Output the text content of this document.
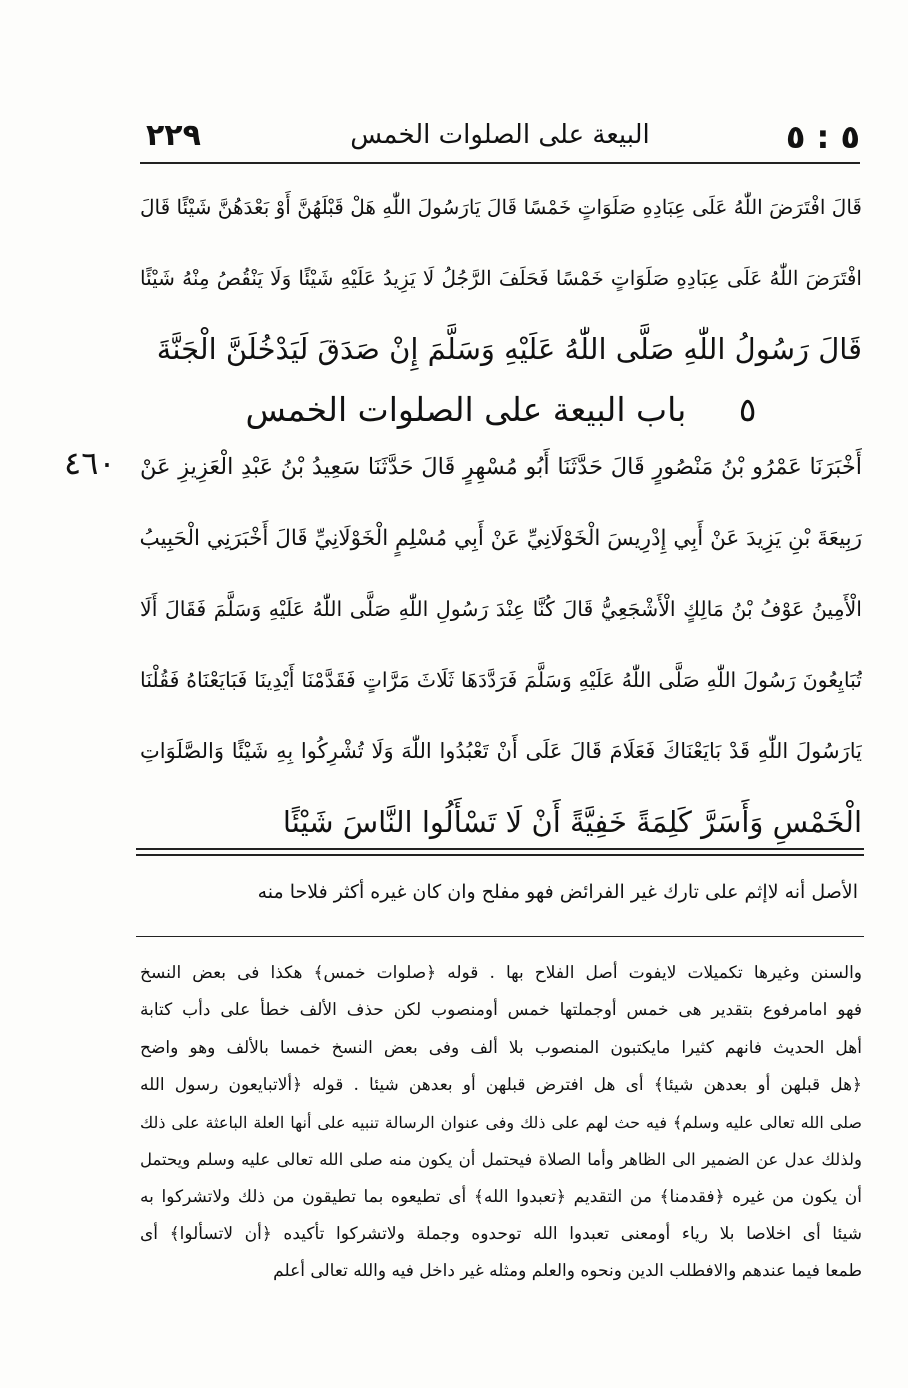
٢٢٩	البيعة على الصلوات الخمس	٥ : ٥
قَالَ افْتَرَضَ اللّٰهُ عَلَى عِبَادِهِ صَلَوَاتٍ خَمْسًا قَالَ يَارَسُولَ اللّٰهِ هَلْ قَبْلَهُنَّ أَوْ بَعْدَهُنَّ شَيْئًا قَالَ
افْتَرَضَ اللّٰهُ عَلَى عِبَادِهِ صَلَوَاتٍ خَمْسًا فَحَلَفَ الرَّجُلُ لَا يَزِيدُ عَلَيْهِ شَيْئًا وَلَا يَنْقُصُ مِنْهُ شَيْئًا
قَالَ رَسُولُ اللّٰهِ صَلَّى اللّٰهُ عَلَيْهِ وَسَلَّمَ إِنْ صَدَقَ لَيَدْخُلَنَّ الْجَنَّةَ
٥     باب البيعة على الصلوات الخمس
٤٦٠ أَخْبَرَنَا عَمْرُو بْنُ مَنْصُورٍ قَالَ حَدَّثَنَا أَبُو مُسْهِرٍ قَالَ حَدَّثَنَا سَعِيدُ بْنُ عَبْدِ الْعَزِيزِ عَنْ
رَبِيعَةَ بْنِ يَزِيدَ عَنْ أَبِي إِدْرِيسَ الْخَوْلَانِيِّ عَنْ أَبِي مُسْلِمٍ الْخَوْلَانِيِّ قَالَ أَخْبَرَنِي الْحَبِيبُ
الْأَمِينُ عَوْفُ بْنُ مَالِكٍ الْأَشْجَعِيُّ قَالَ كُنَّا عِنْدَ رَسُولِ اللّٰهِ صَلَّى اللّٰهُ عَلَيْهِ وَسَلَّمَ فَقَالَ أَلَا
تُبَايِعُونَ رَسُولَ اللّٰهِ صَلَّى اللّٰهُ عَلَيْهِ وَسَلَّمَ فَرَدَّدَهَا ثَلَاثَ مَرَّاتٍ فَقَدَّمْنَا أَيْدِينَا فَبَايَعْنَاهُ فَقُلْنَا
يَارَسُولَ اللّٰهِ قَدْ بَايَعْنَاكَ فَعَلَامَ قَالَ عَلَى أَنْ تَعْبُدُوا اللّٰهَ وَلَا تُشْرِكُوا بِهِ شَيْئًا وَالصَّلَوَاتِ
الْخَمْسِ وَأَسَرَّ كَلِمَةً خَفِيَّةً أَنْ لَا تَسْأَلُوا النَّاسَ شَيْئًا
الأصل أنه لاإثم على تارك غير الفرائض فهو مفلح وان كان غيره أكثر فلاحا منه
والسنن وغيرها تكميلات لايفوت أصل الفلاح بها . قوله ﴿صلوات خمس﴾ هكذا فى بعض النسخ
فهو امامرفوع بتقدير هى خمس أوجملتها خمس أومنصوب لكن حذف الألف خطأ على دأب كتابة
أهل الحديث فانهم كثيرا مايكتبون المنصوب بلا ألف وفى بعض النسخ خمسا بالألف وهو واضح
﴿هل قبلهن أو بعدهن شيئا﴾ أى هل افترض قبلهن أو بعدهن شيئا . قوله ﴿ألاتبايعون رسول الله
صلى الله تعالى عليه وسلم﴾ فيه حث لهم على ذلك وفى عنوان الرسالة تنبيه على أنها العلة الباعثة على ذلك
ولذلك عدل عن الضمير الى الظاهر وأما الصلاة فيحتمل أن يكون منه صلى الله تعالى عليه وسلم ويحتمل
أن يكون من غيره ﴿فقدمنا﴾ من التقديم ﴿تعبدوا الله﴾ أى تطيعوه بما تطيقون من ذلك ولاتشركوا به
شيئا أى اخلاصا بلا رياء أومعنى تعبدوا الله توحدوه وجملة ولاتشركوا تأكيده ﴿أن لاتسألوا﴾ أى
طمعا فيما عندهم والافطلب الدين ونحوه والعلم ومثله غير داخل فيه والله تعالى أعلم
